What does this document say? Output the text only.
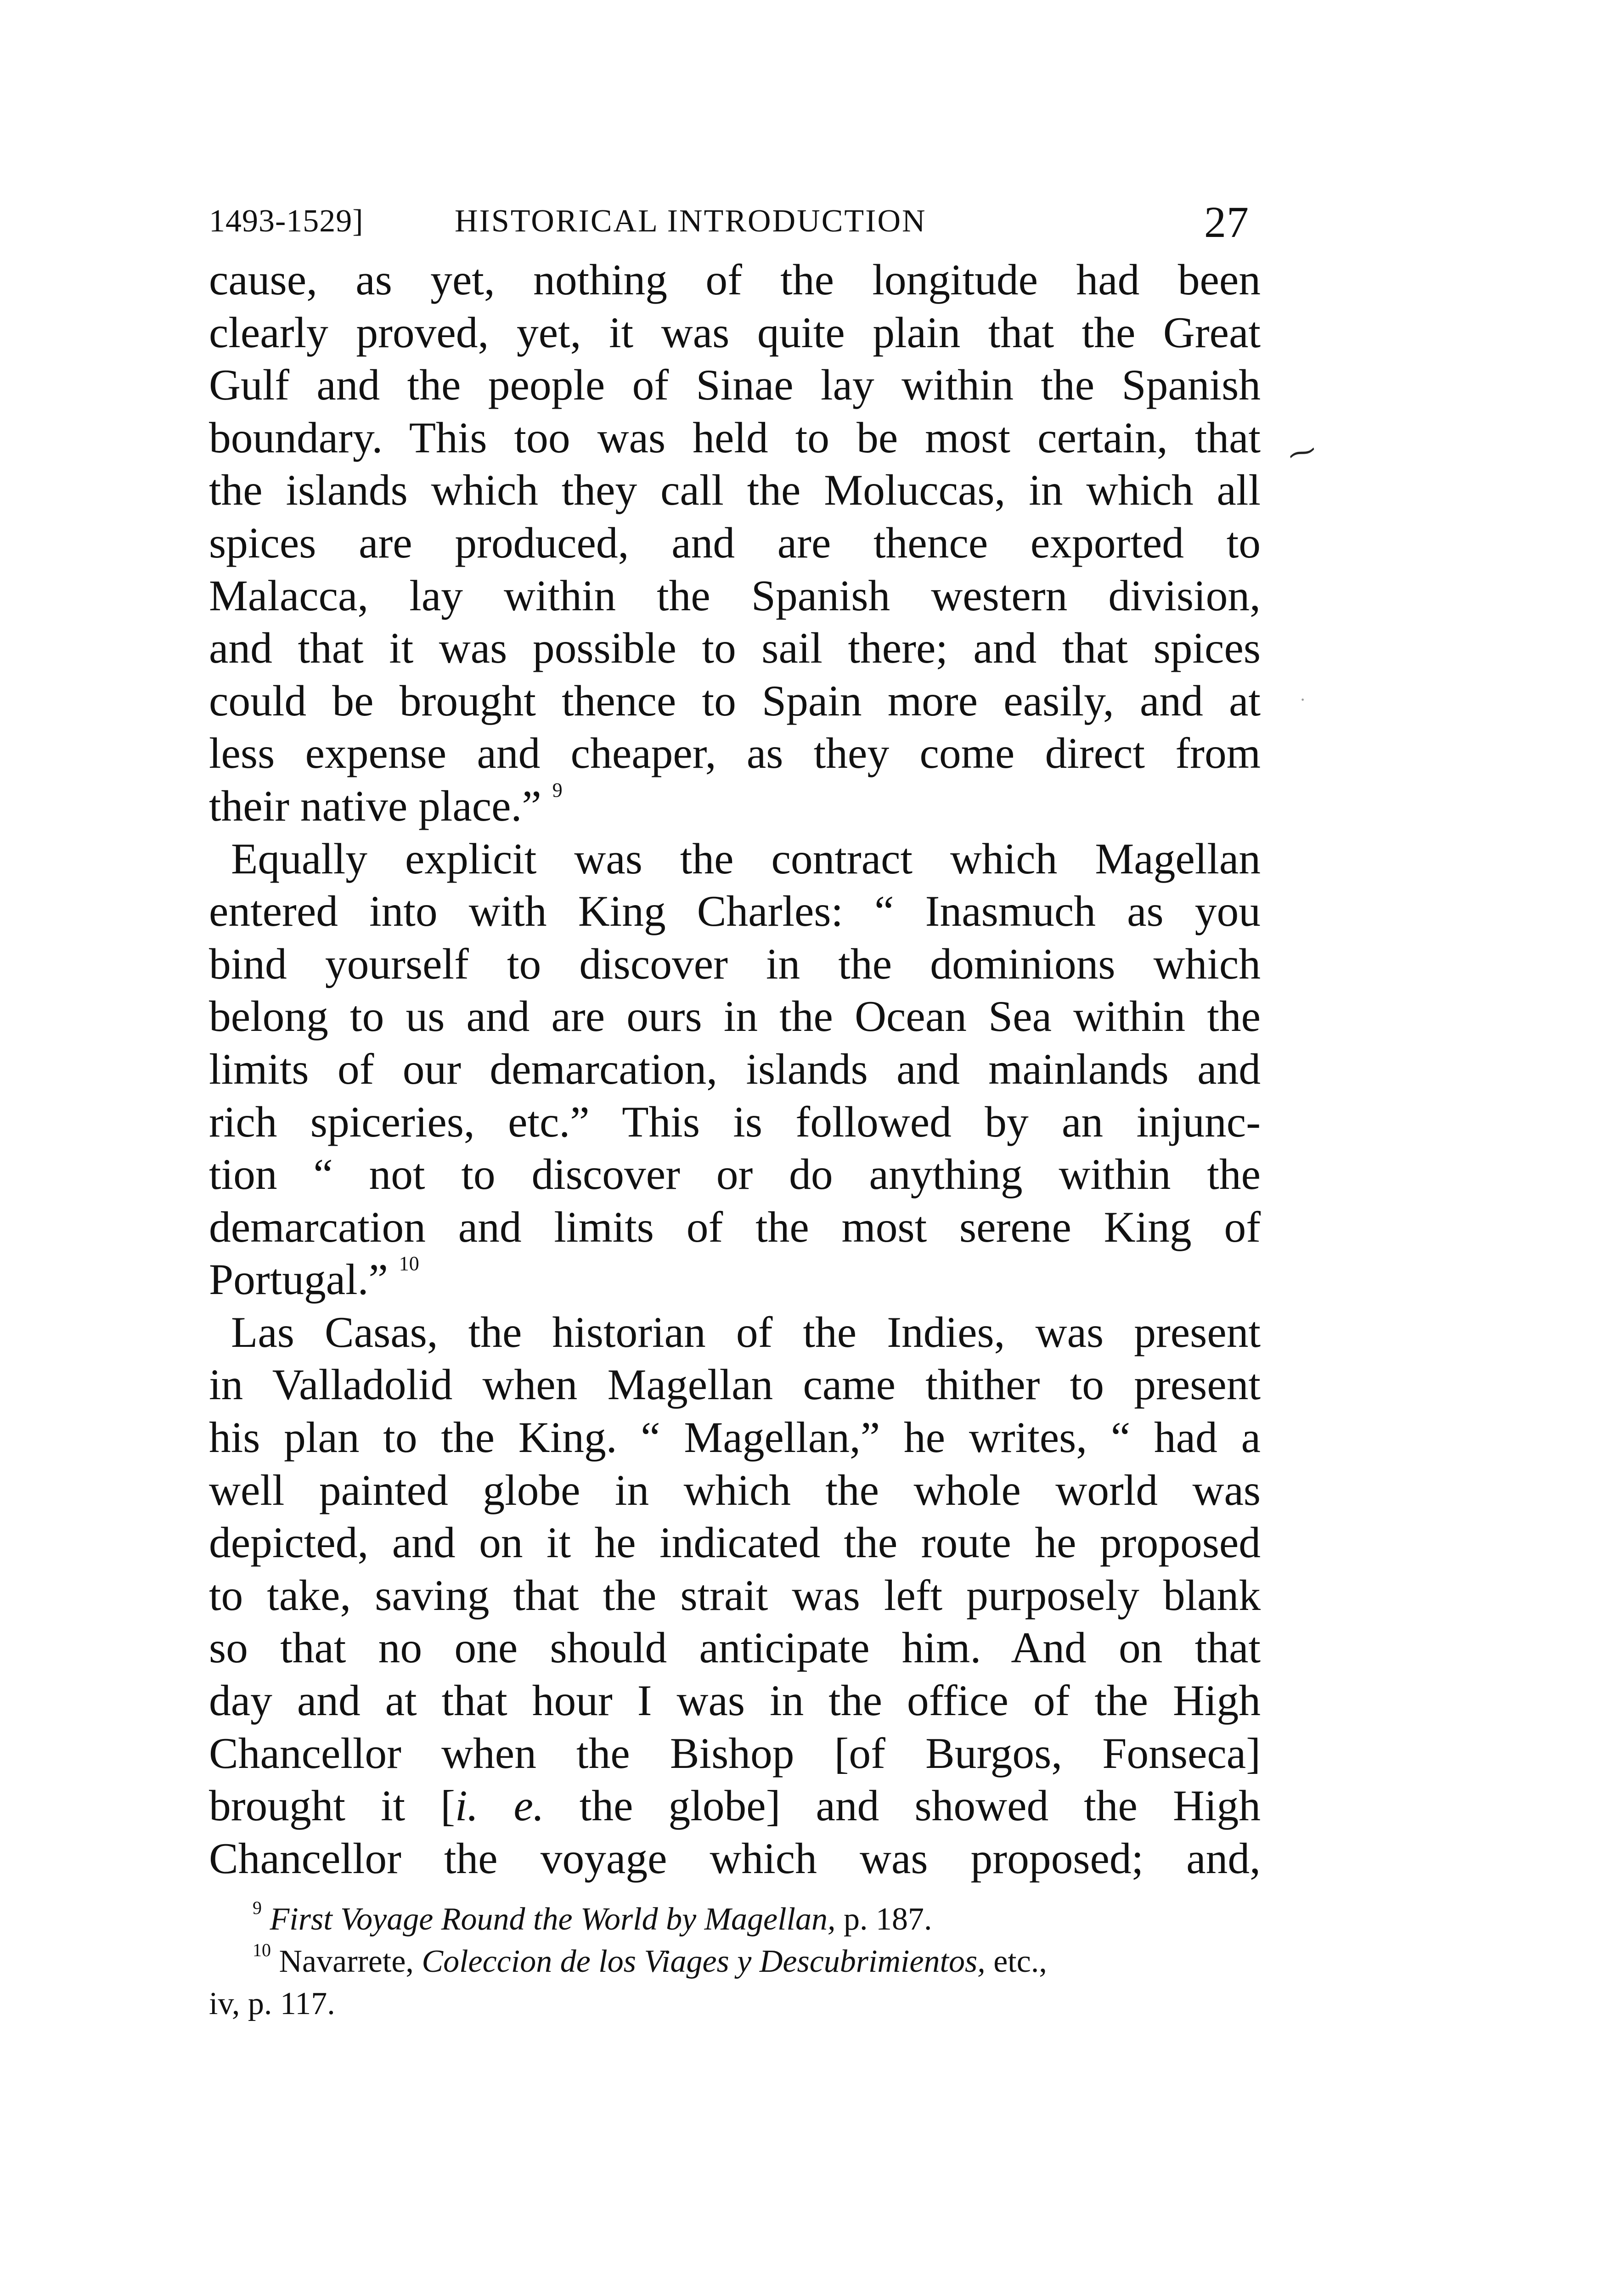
1493-1529]	HISTORICAL INTRODUCTION	27
cause, as yet, nothing of the longitude had been
clearly proved, yet, it was quite plain that the Great
Gulf and the people of Sinae lay within the Spanish
boundary. This too was held to be most certain, that
the islands which they call the Moluccas, in which all
spices are produced, and are thence exported to
Malacca, lay within the Spanish western division,
and that it was possible to sail there; and that spices
could be brought thence to Spain more easily, and at
less expense and cheaper, as they come direct from
their native place.” $^9$
Equally explicit was the contract which Magellan
entered into with King Charles: “ Inasmuch as you
bind yourself to discover in the dominions which
belong to us and are ours in the Ocean Sea within the
limits of our demarcation, islands and mainlands and
rich spiceries, etc.” This is followed by an injunc-
tion “ not to discover or do anything within the
demarcation and limits of the most serene King of
Portugal.” $^{10}$
Las Casas, the historian of the Indies, was present
in Valladolid when Magellan came thither to present
his plan to the King. “ Magellan,” he writes, “ had a
well painted globe in which the whole world was
depicted, and on it he indicated the route he proposed
to take, saving that the strait was left purposely blank
so that no one should anticipate him. And on that
day and at that hour I was in the office of the High
Chancellor when the Bishop [of Burgos, Fonseca]
brought it [i. e. the globe] and showed the High
Chancellor the voyage which was proposed; and,
$^9$ First Voyage Round the World by Magellan, p. 187.
$^{10}$ Navarrete, Coleccion de los Viages y Descubrimientos, etc.,
iv, p. 117.
⁓
·
